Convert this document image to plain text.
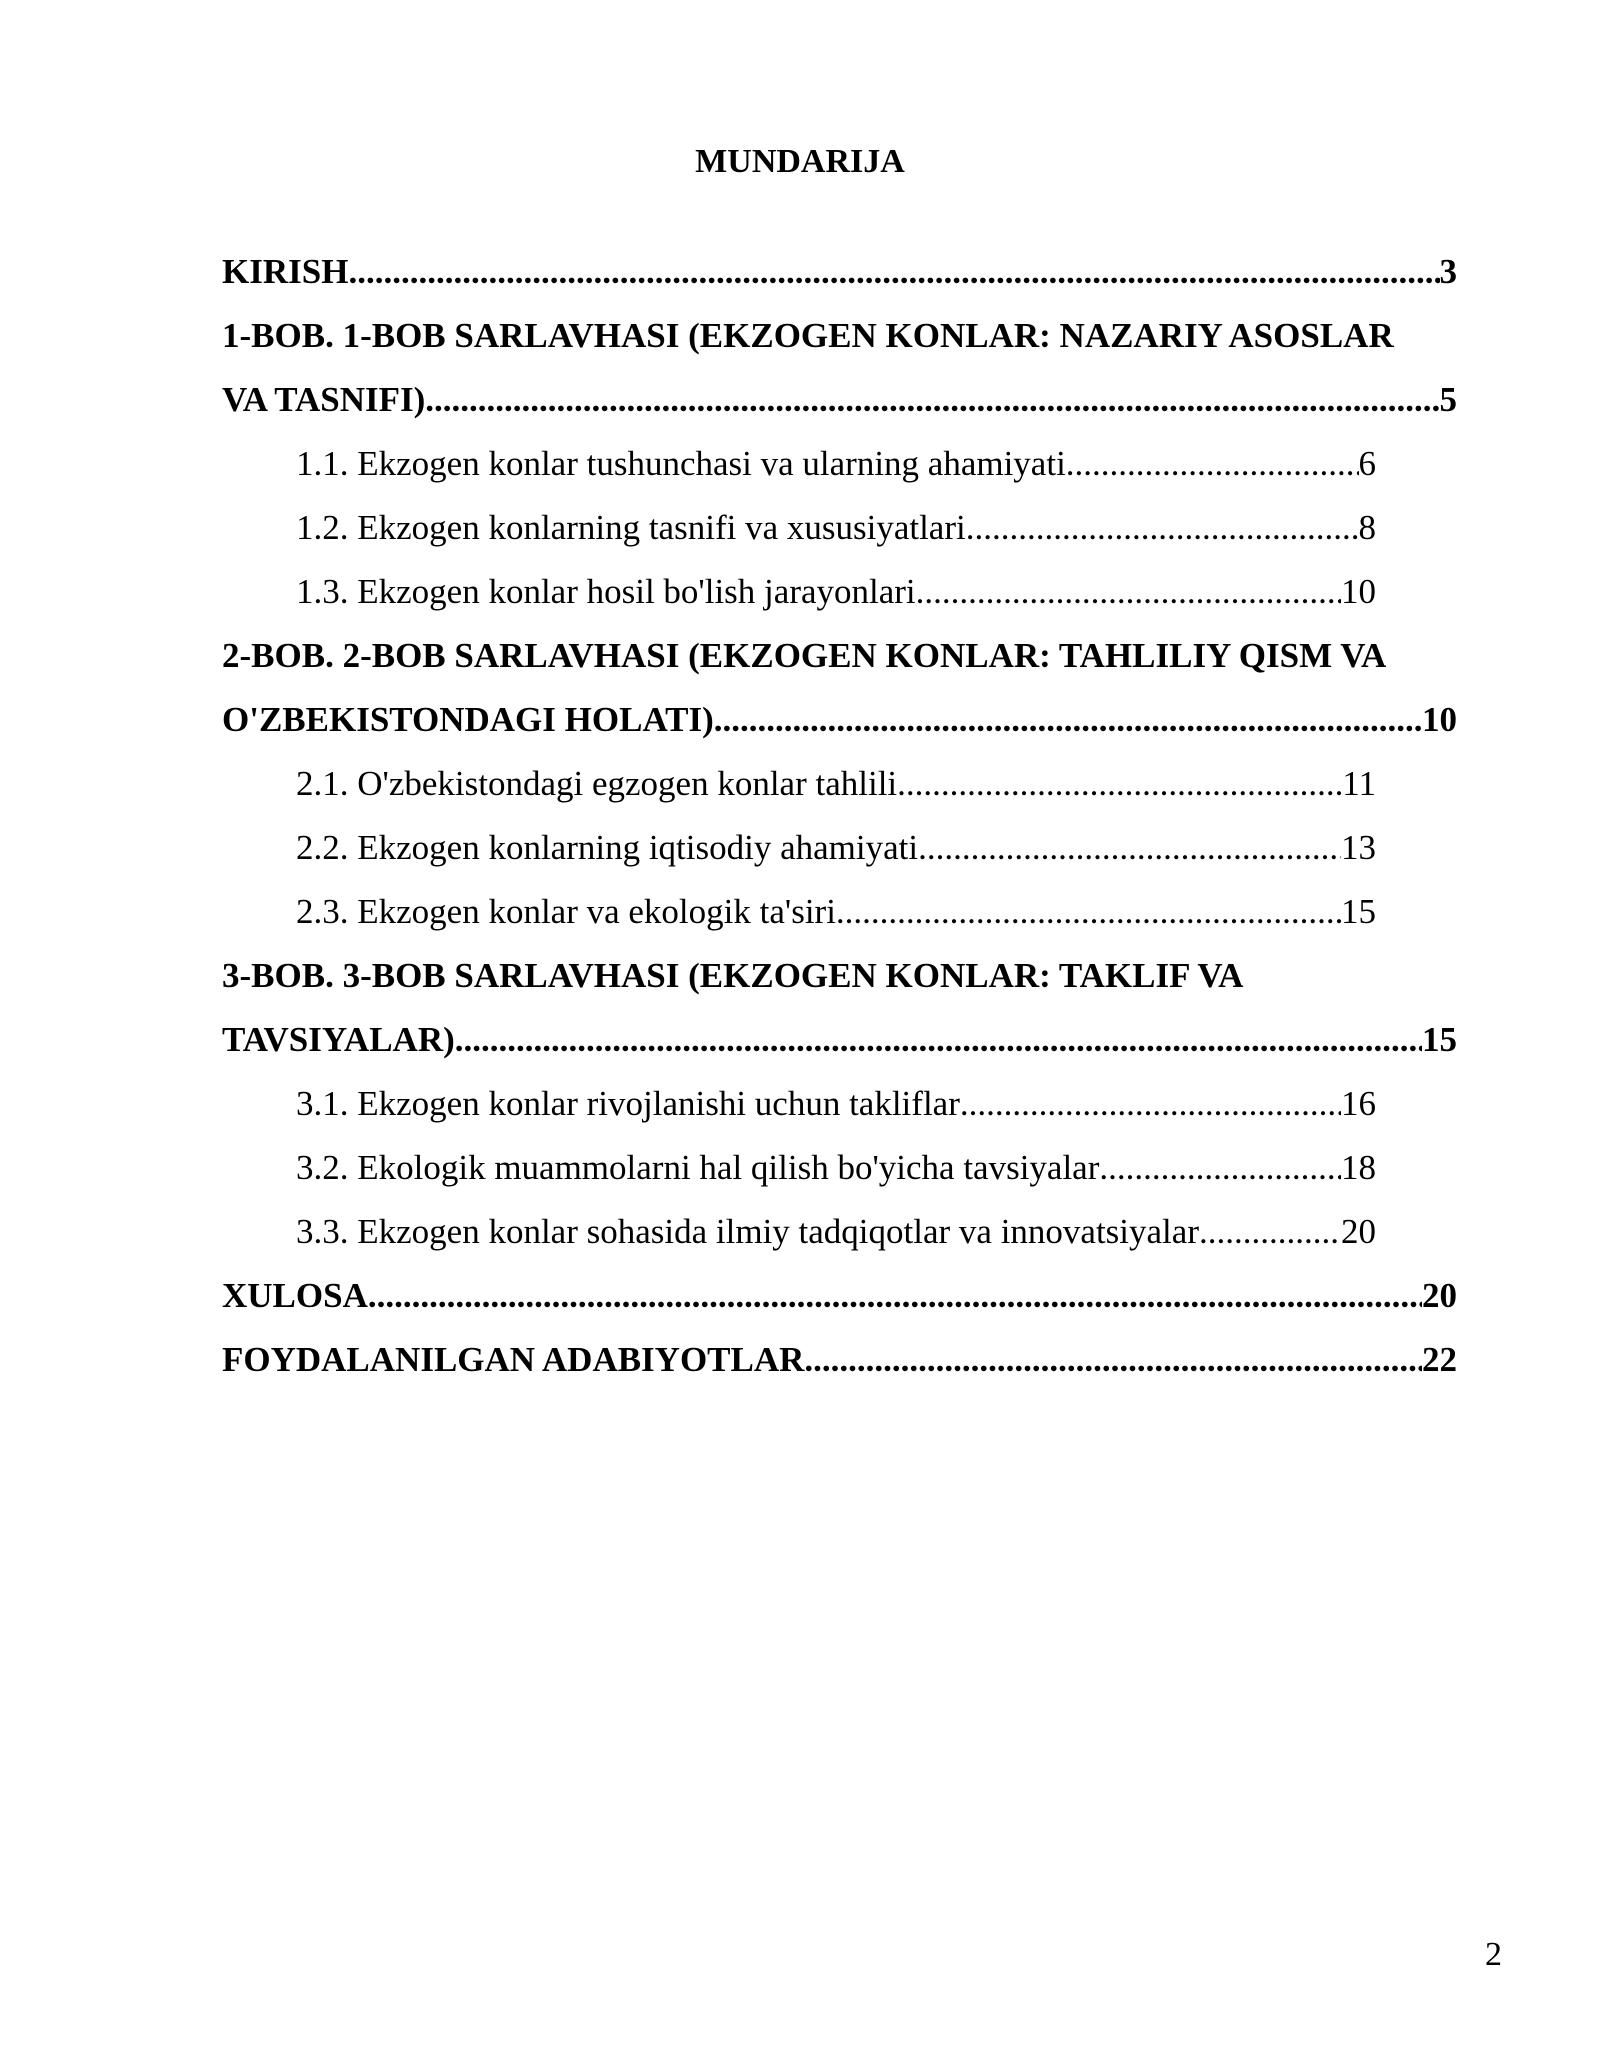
MUNDARIJA
KIRISH .....	3
1-BOB. 1-BOB SARLAVHASI (EKZOGEN KONLAR: NAZARIY ASOSLAR
VA TASNIFI) .....	5
1.1. Ekzogen konlar tushunchasi va ularning ahamiyati .....	6
1.2. Ekzogen konlarning tasnifi va xususiyatlari .....	8
1.3. Ekzogen konlar hosil bo'lish jarayonlari .....	10
2-BOB. 2-BOB SARLAVHASI (EKZOGEN KONLAR: TAHLILIY QISM VA
O'ZBEKISTONDAGI HOLATI) .....	10
2.1. O'zbekistondagi egzogen konlar tahlili .....	11
2.2. Ekzogen konlarning iqtisodiy ahamiyati .....	13
2.3. Ekzogen konlar va ekologik ta'siri .....	15
3-BOB. 3-BOB SARLAVHASI (EKZOGEN KONLAR: TAKLIF VA
TAVSIYALAR) .....	15
3.1. Ekzogen konlar rivojlanishi uchun takliflar .....	16
3.2. Ekologik muammolarni hal qilish bo'yicha tavsiyalar .....	18
3.3. Ekzogen konlar sohasida ilmiy tadqiqotlar va innovatsiyalar .....	20
XULOSA .....	20
FOYDALANILGAN ADABIYOTLAR .....	22
2
